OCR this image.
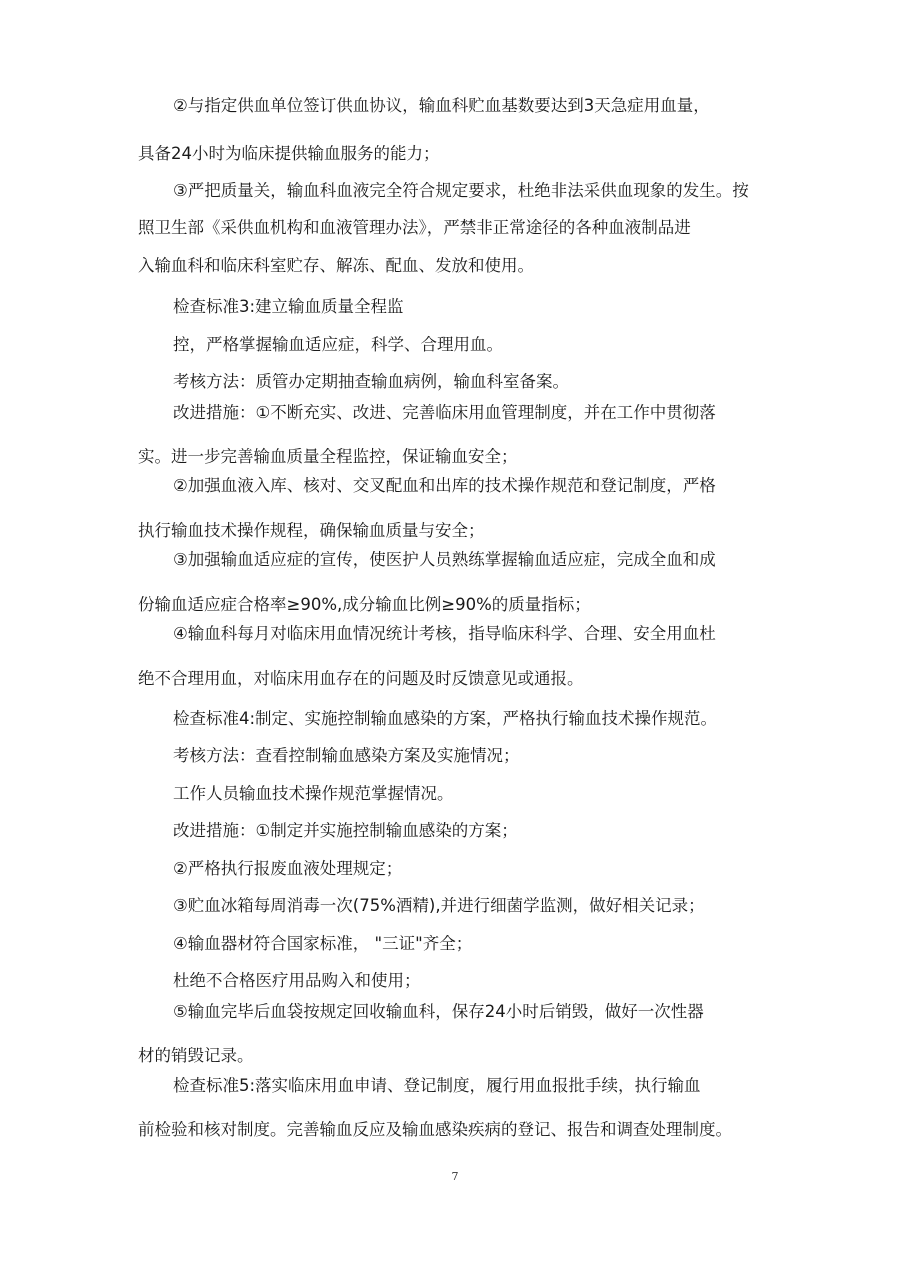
②与指定供血单位签订供血协议，输血科贮血基数要达到3天急症用血量，
具备24小时为临床提供输血服务的能力；
③严把质量关，输血科血液完全符合规定要求，杜绝非法采供血现象的发生。按
照卫生部《采供血机构和血液管理办法》，严禁非正常途径的各种血液制品进
入输血科和临床科室贮存、解冻、配血、发放和使用。
检查标准3:建立输血质量全程监
控，严格掌握输血适应症，科学、合理用血。
考核方法：质管办定期抽查输血病例，输血科室备案。
改进措施：①不断充实、改进、完善临床用血管理制度，并在工作中贯彻落
实。进一步完善输血质量全程监控，保证输血安全；
②加强血液入库、核对、交叉配血和出库的技术操作规范和登记制度，严格
执行输血技术操作规程，确保输血质量与安全；
③加强输血适应症的宣传，使医护人员熟练掌握输血适应症，完成全血和成
份输血适应症合格率≥90%,成分输血比例≥90%的质量指标；
④输血科每月对临床用血情况统计考核，指导临床科学、合理、安全用血杜
绝不合理用血，对临床用血存在的问题及时反馈意见或通报。
检查标准4:制定、实施控制输血感染的方案，严格执行输血技术操作规范。
考核方法：查看控制输血感染方案及实施情况；
工作人员输血技术操作规范掌握情况。
改进措施：①制定并实施控制输血感染的方案；
②严格执行报废血液处理规定；
③贮血冰箱每周消毒一次(75%酒精),并进行细菌学监测，做好相关记录；
④输血器材符合国家标准， "三证"齐全；
杜绝不合格医疗用品购入和使用；
⑤输血完毕后血袋按规定回收输血科，保存24小时后销毁，做好一次性器
材的销毁记录。
检查标准5:落实临床用血申请、登记制度，履行用血报批手续，执行输血
前检验和核对制度。完善输血反应及输血感染疾病的登记、报告和调查处理制度。
7
